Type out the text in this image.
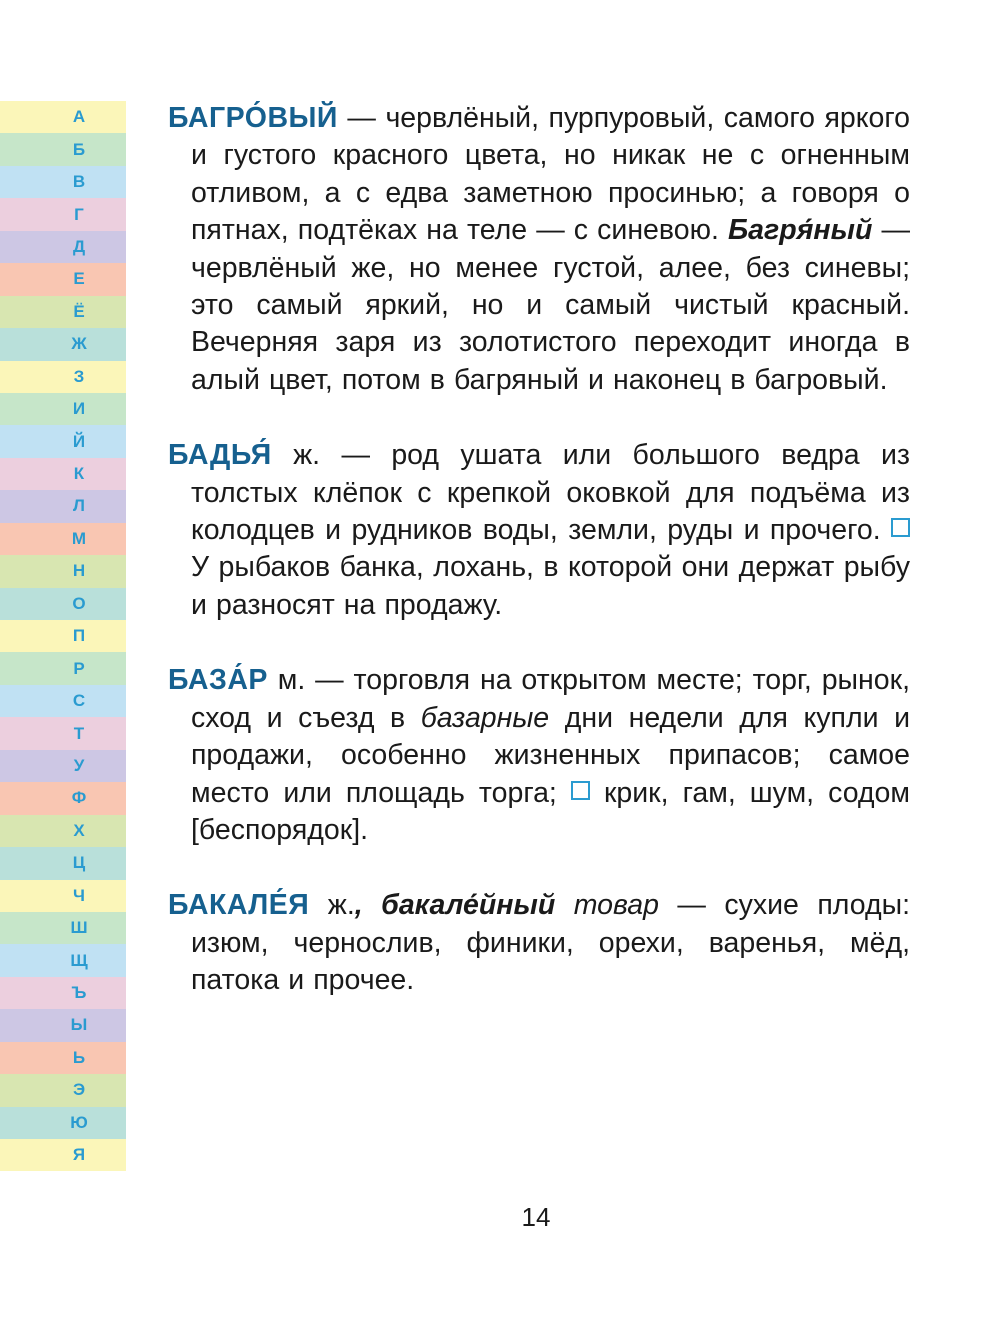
А
Б
В
Г
Д
Е
Ё
Ж
З
И
Й
К
Л
М
Н
О
П
Р
С
Т
У
Ф
Х
Ц
Ч
Ш
Щ
Ъ
Ы
Ь
Э
Ю
Я

БАГРО́ВЫЙ — червлёный, пурпуровый, самого яркого и густого красного цвета, но никак не с огненным отливом, а с едва заметною просинью; а говоря о пятнах, подтёках на теле — с синевою. Багря́ный — червлёный же, но менее густой, алее, без синевы; это самый яркий, но и самый чистый красный. Вечерняя заря из золотистого переходит иногда в алый цвет, потом в багряный и наконец в багровый.

БАДЬЯ́ ж. — род ушата или большого ведра из толстых клёпок с крепкой оковкой для подъёма из колодцев и рудников воды, земли, руды и прочего.  У рыбаков банка, лохань, в которой они держат рыбу и разносят на продажу.

БАЗА́Р м. — торговля на открытом месте; торг, рынок, сход и съезд в базарные дни недели для купли и продажи, особенно жизненных припасов; самое место или площадь торга;  крик, гам, шум, содом [беспорядок].

БАКАЛЕ́Я ж., бакале́йный товар — сухие плоды: изюм, чернослив, финики, орехи, варенья, мёд, патока и прочее.

14
